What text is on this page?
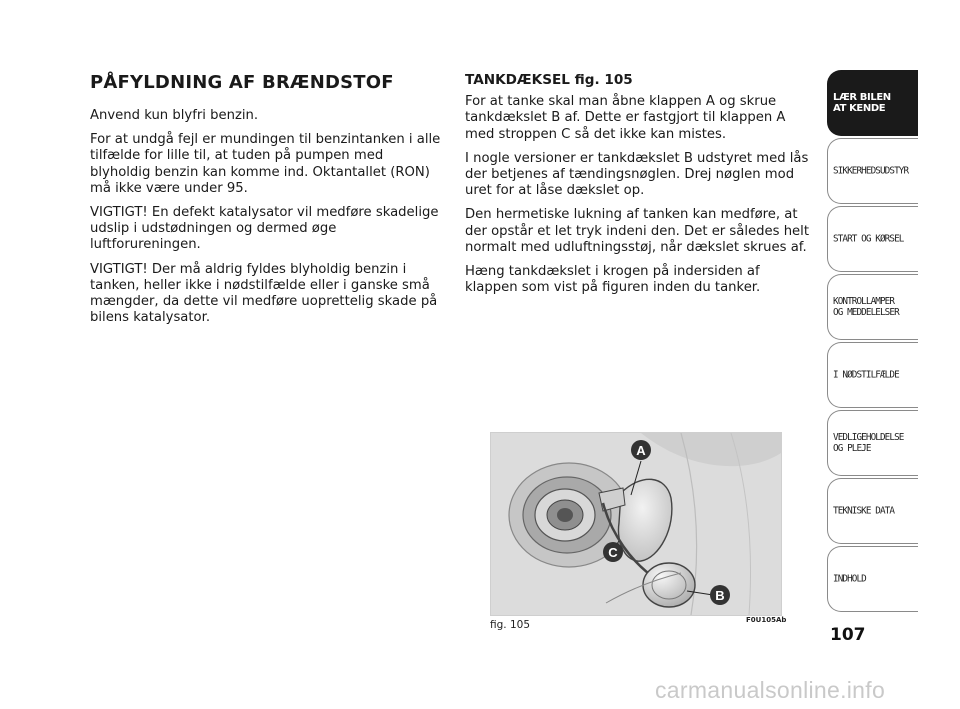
PÅFYLDNING AF BRÆNDSTOF

Anvend kun blyfri benzin.

For at undgå fejl er mundingen til benzintanken i alle tilfælde for lille til, at tuden på pumpen med blyholdig benzin kan komme ind. Oktantallet (RON) må ikke være under 95.

VIGTIGT! En defekt katalysator vil medføre skadelige udslip i udstødningen og dermed øge luftforureningen.

VIGTIGT! Der må aldrig fyldes blyholdig benzin i tanken, heller ikke i nødstilfælde eller i ganske små mængder, da dette vil medføre uoprettelig skade på bilens katalysator.

TANKDÆKSEL fig. 105

For at tanke skal man åbne klappen A og skrue tankdækslet B af. Dette er fastgjort til klappen A med stroppen C så det ikke kan mistes.

I nogle versioner er tankdækslet B udstyret med lås der betjenes af tændingsnøglen. Drej nøglen mod uret for at låse dækslet op.

Den hermetiske lukning af tanken kan medføre, at der opstår et let tryk indeni den. Det er således helt normalt med udluftningsstøj, når dækslet skrues af.

Hæng tankdækslet i krogen på indersiden af klappen som vist på figuren inden du tanker.

A
C
B
fig. 105	F0U105Ab
LÆR BILEN
AT KENDE
SIKKERHEDSUDSTYR
START OG KØRSEL
KONTROLLAMPER
OG MEDDELELSER
I NØDSTILFÆLDE
VEDLIGEHOLDELSE
OG PLEJE
TEKNISKE DATA
INDHOLD
107
carmanualsonline.info
